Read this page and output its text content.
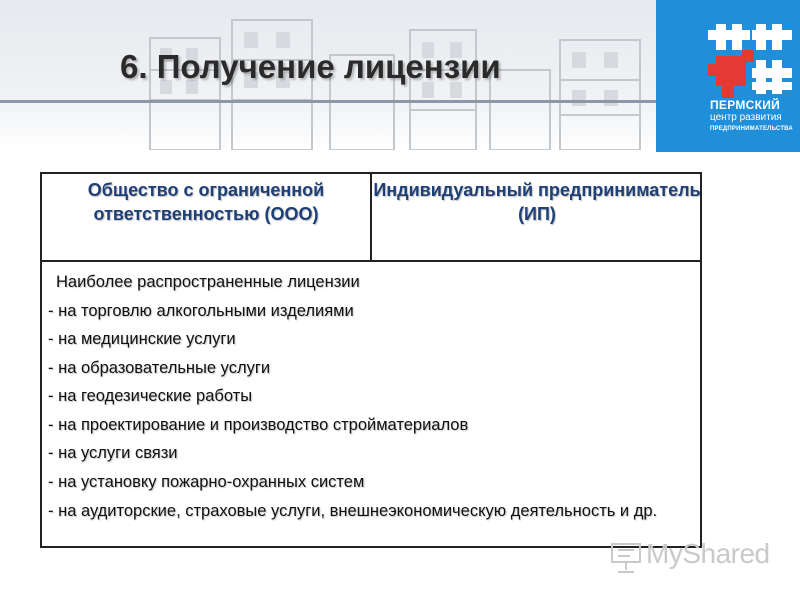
6. Получение лицензии
ПЕРМСКИЙ
центр развития
ПРЕДПРИНИМАТЕЛЬСТВА
Общество с ограниченной ответственностью (ООО)
Индивидуальный предприниматель (ИП)
Наиболее распространенные лицензии
- на торговлю алкогольными изделиями
- на медицинские услуги
- на образовательные услуги
- на геодезические работы
- на проектирование и производство стройматериалов
- на услуги связи
- на установку пожарно-охранных систем
- на аудиторские, страховые услуги, внешнеэкономическую деятельность и др.
MyShared
